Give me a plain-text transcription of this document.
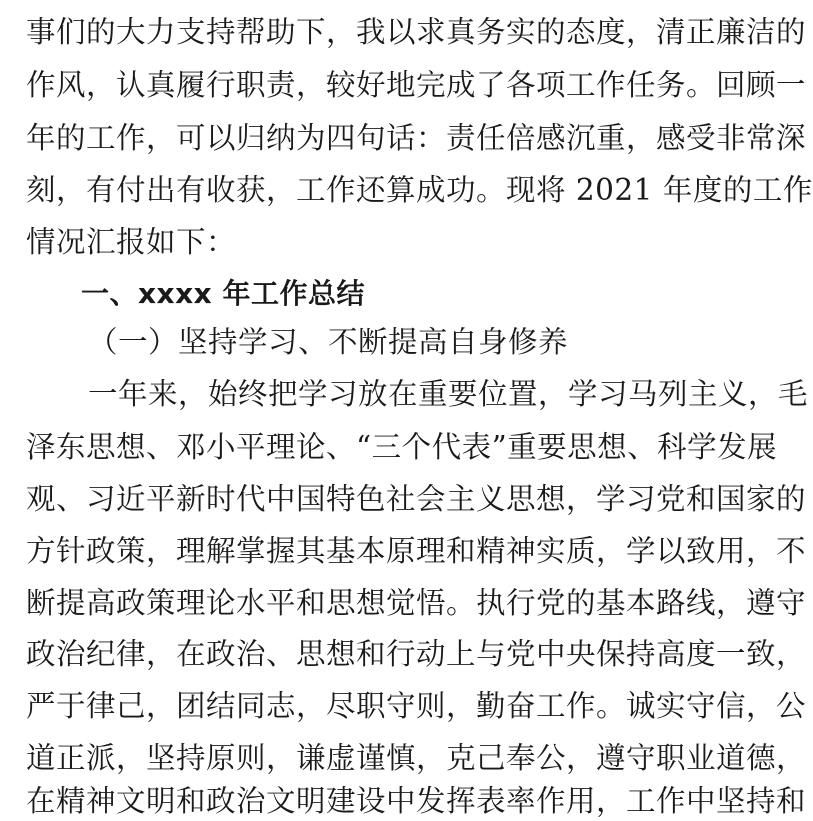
事们的大力支持帮助下，我以求真务实的态度，清正廉洁的
作风，认真履行职责，较好地完成了各项工作任务。回顾一
年的工作，可以归纳为四句话：责任倍感沉重，感受非常深
刻，有付出有收获，工作还算成功。现将 2021 年度的工作
情况汇报如下：
一、xxxx 年工作总结
（一）坚持学习、不断提高自身修养
一年来，始终把学习放在重要位置，学习马列主义，毛
泽东思想、邓小平理论、“三个代表”重要思想、科学发展
观、习近平新时代中国特色社会主义思想，学习党和国家的
方针政策，理解掌握其基本原理和精神实质，学以致用，不
断提高政策理论水平和思想觉悟。执行党的基本路线，遵守
政治纪律，在政治、思想和行动上与党中央保持高度一致，
严于律己，团结同志，尽职守则，勤奋工作。诚实守信，公
道正派，坚持原则，谦虚谨慎，克己奉公，遵守职业道德，
在精神文明和政治文明建设中发挥表率作用，工作中坚持和
